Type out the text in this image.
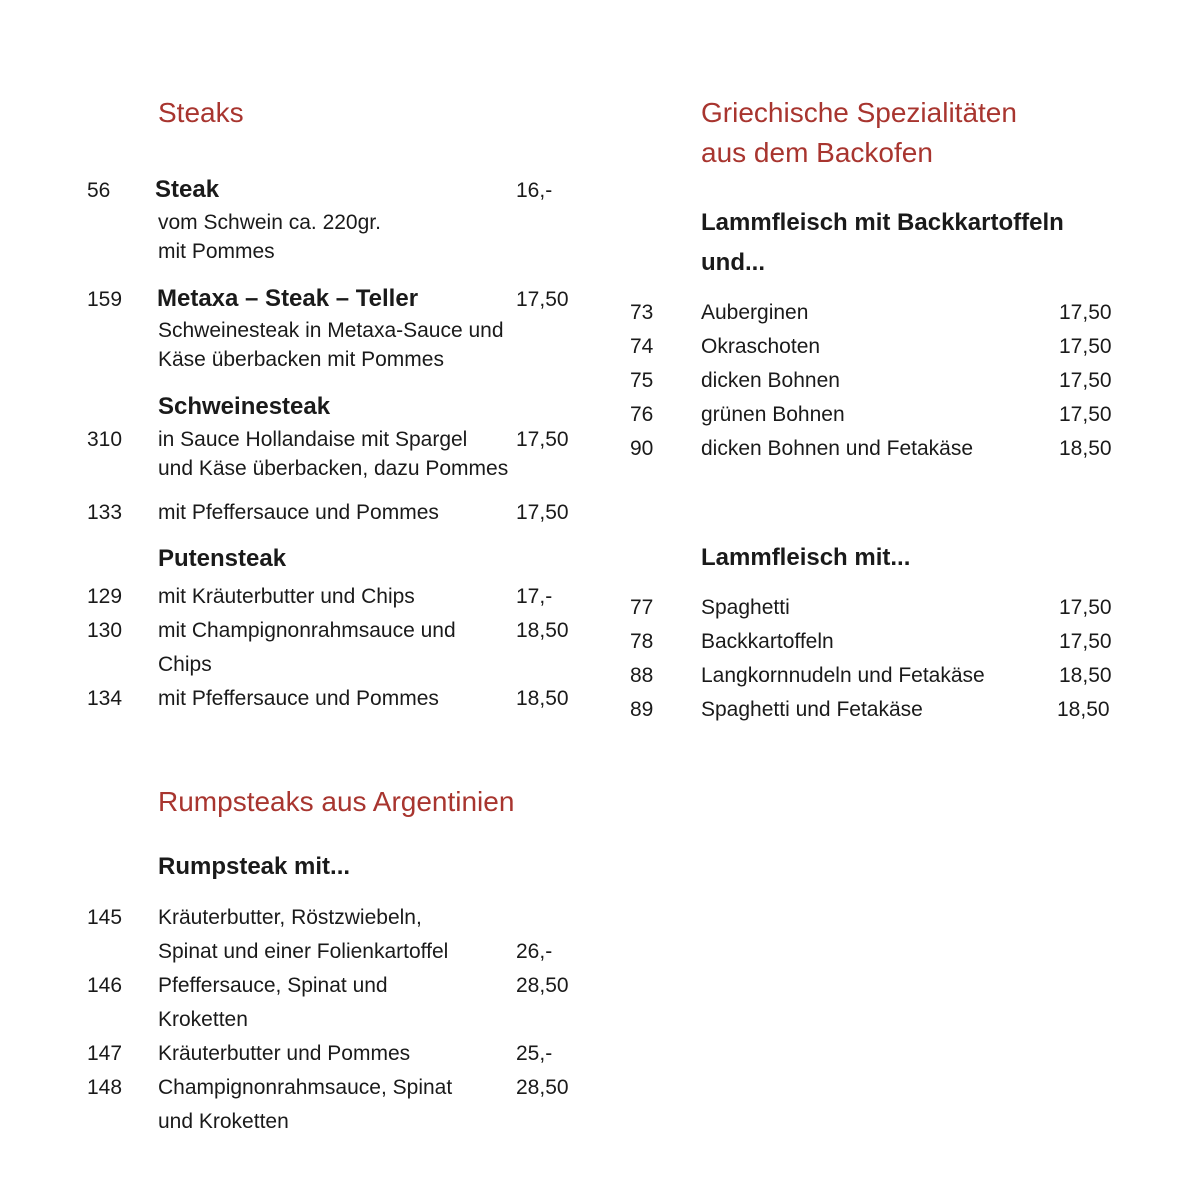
Steaks
56 Steak	16,-
vom Schwein ca. 220gr.
mit Pommes
159 Metaxa – Steak – Teller	17,50
Schweinesteak in Metaxa-Sauce und
Käse überbacken mit Pommes
Schweinesteak
310 in Sauce Hollandaise mit Spargel 17,50
und Käse überbacken, dazu Pommes
133 mit Pfeffersauce und Pommes	17,50
Putensteak
129 mit Kräuterbutter und Chips	17,-
130 mit Champignonrahmsauce und	18,50
Chips
134 mit Pfeffersauce und Pommes	18,50
Rumpsteaks aus Argentinien
Rumpsteak mit...
145 Kräuterbutter, Röstzwiebeln,
Spinat und einer Folienkartoffel	26,-
146 Pfeffersauce, Spinat und	28,50
Kroketten
147 Kräuterbutter und Pommes	25,-
148 Champignonrahmsauce, Spinat	28,50
und Kroketten
Griechische Spezialitäten
aus dem Backofen
Lammfleisch mit Backkartoffeln
und...
73 Auberginen	17,50
74 Okraschoten	17,50
75 dicken Bohnen	17,50
76 grünen Bohnen	17,50
90 dicken Bohnen und Fetakäse	18,50
Lammfleisch mit...
77 Spaghetti	17,50
78 Backkartoffeln	17,50
88 Langkornnudeln und Fetakäse	18,50
89 Spaghetti und Fetakäse	18,50
